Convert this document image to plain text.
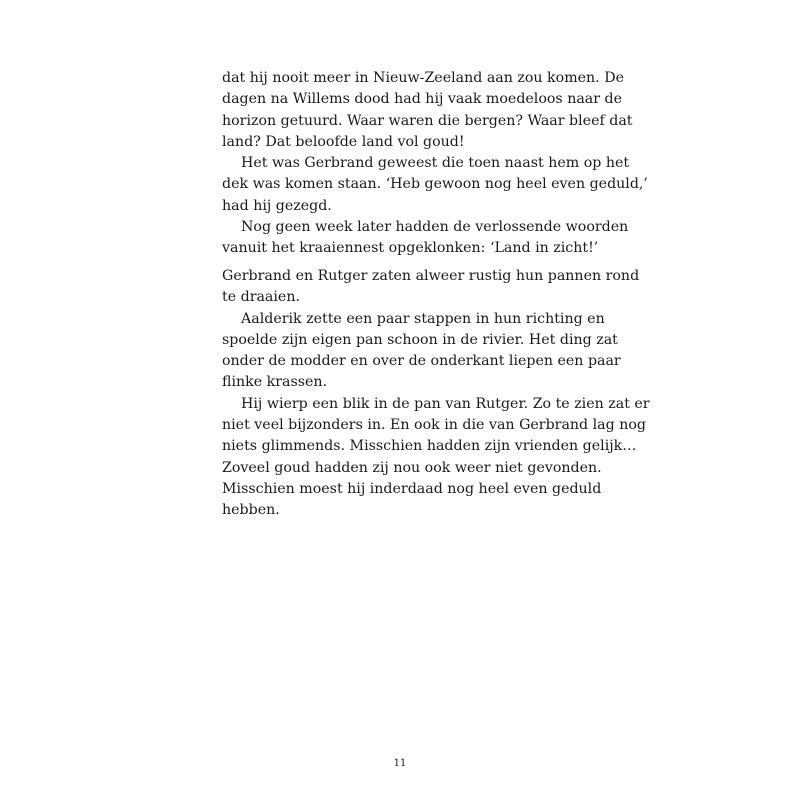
dat hij nooit meer in Nieuw-Zeeland aan zou komen. De
dagen na Willems dood had hij vaak moedeloos naar de
horizon getuurd. Waar waren die bergen? Waar bleef dat
land? Dat beloofde land vol goud!

Het was Gerbrand geweest die toen naast hem op het
dek was komen staan. ‘Heb gewoon nog heel even geduld,’
had hij gezegd.

Nog geen week later hadden de verlossende woorden
vanuit het kraaiennest opgeklonken: ‘Land in zicht!’

Gerbrand en Rutger zaten alweer rustig hun pannen rond
te draaien.

Aalderik zette een paar stappen in hun richting en
spoelde zijn eigen pan schoon in de rivier. Het ding zat
onder de modder en over de onderkant liepen een paar
flinke krassen.

Hij wierp een blik in de pan van Rutger. Zo te zien zat er
niet veel bijzonders in. En ook in die van Gerbrand lag nog
niets glimmends. Misschien hadden zijn vrienden gelijk…
Zoveel goud hadden zij nou ook weer niet gevonden.
Misschien moest hij inderdaad nog heel even geduld
hebben.

11
